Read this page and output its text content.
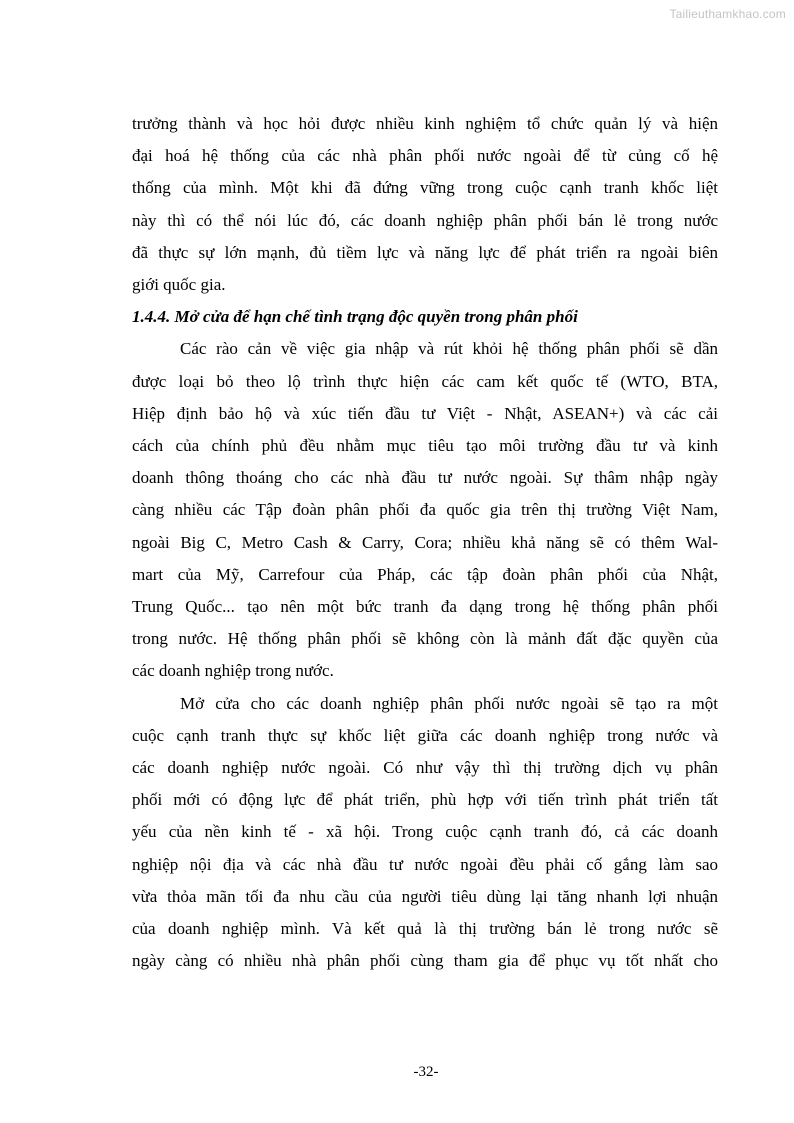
Tailieuthamkhao.com
trưởng thành và học hỏi được nhiều kinh nghiệm tổ chức quản lý và hiện
đại hoá hệ thống của các nhà phân phối nước ngoài để từ củng cố hệ
thống của mình. Một khi đã đứng vững trong cuộc cạnh tranh khốc liệt
này thì có thể nói lúc đó, các doanh nghiệp phân phối bán lẻ trong nước
đã thực sự lớn mạnh, đủ tiềm lực và năng lực để phát triển ra ngoài biên
giới quốc gia.
1.4.4. Mở cửa để hạn chế tình trạng độc quyền trong phân phối
Các rào cản về việc gia nhập và rút khỏi hệ thống phân phối sẽ dần
được loại bỏ theo lộ trình thực hiện các cam kết quốc tế (WTO, BTA,
Hiệp định bảo hộ và xúc tiến đầu tư Việt - Nhật, ASEAN+) và các cải
cách của chính phủ đều nhằm mục tiêu tạo môi trường đầu tư và kinh
doanh thông thoáng cho các nhà đầu tư nước ngoài. Sự thâm nhập ngày
càng nhiều các Tập đoàn phân phối đa quốc gia trên thị trường Việt Nam,
ngoài Big C, Metro Cash & Carry, Cora; nhiều khả năng sẽ có thêm Wal-
mart của Mỹ, Carrefour của Pháp, các tập đoàn phân phối của Nhật,
Trung Quốc... tạo nên một bức tranh đa dạng trong hệ thống phân phối
trong nước. Hệ thống phân phối sẽ không còn là mảnh đất đặc quyền của
các doanh nghiệp trong nước.
Mở cửa cho các doanh nghiệp phân phối nước ngoài sẽ tạo ra một
cuộc cạnh tranh thực sự khốc liệt giữa các doanh nghiệp trong nước và
các doanh nghiệp nước ngoài. Có như vậy thì thị trường dịch vụ phân
phối mới có động lực để phát triển, phù hợp với tiến trình phát triển tất
yếu của nền kinh tế - xã hội. Trong cuộc cạnh tranh đó, cả các doanh
nghiệp nội địa và các nhà đầu tư nước ngoài đều phải cố gắng làm sao
vừa thỏa mãn tối đa nhu cầu của người tiêu dùng lại tăng nhanh lợi nhuận
của doanh nghiệp mình. Và kết quả là thị trường bán lẻ trong nước sẽ
ngày càng có nhiều nhà phân phối cùng tham gia để phục vụ tốt nhất cho
-32-
